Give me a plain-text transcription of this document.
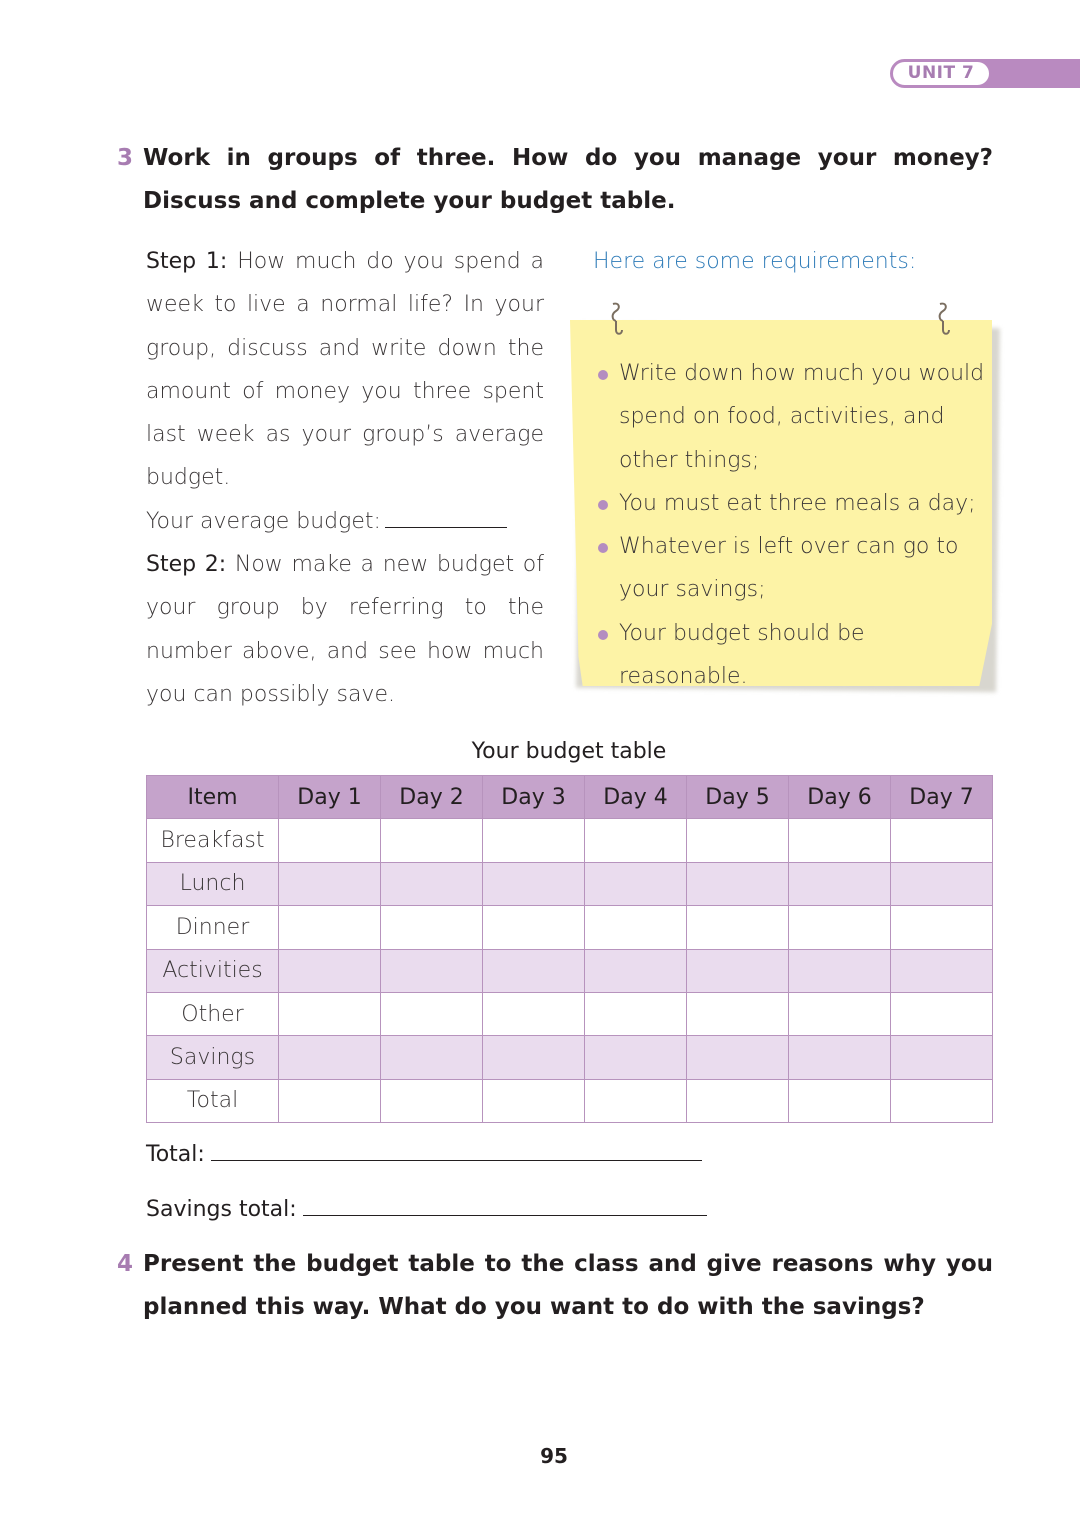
UNIT 7
3 Work in groups of three. How do you manage your money? Discuss and complete your budget table.

Step 1: How much do you spend a week to live a normal life? In your group, discuss and write down the amount of money you three spent last week as your group’s average budget.

Your average budget:

Step 2: Now make a new budget of your group by referring to the number above, and see how much you can possibly save.

Here are some requirements:
Write down how much you would spend on food, activities, and other things;
You must eat three meals a day;
Whatever is left over can go to your savings;
Your budget should be reasonable.
Your budget table
Item	Day 1	Day 2	Day 3	Day 4	Day 5	Day 6	Day 7
Breakfast							
Lunch							
Dinner							
Activities							
Other							
Savings							
Total							
Total:
Savings total:
4 Present the budget table to the class and give reasons why you planned this way. What do you want to do with the savings?
95
